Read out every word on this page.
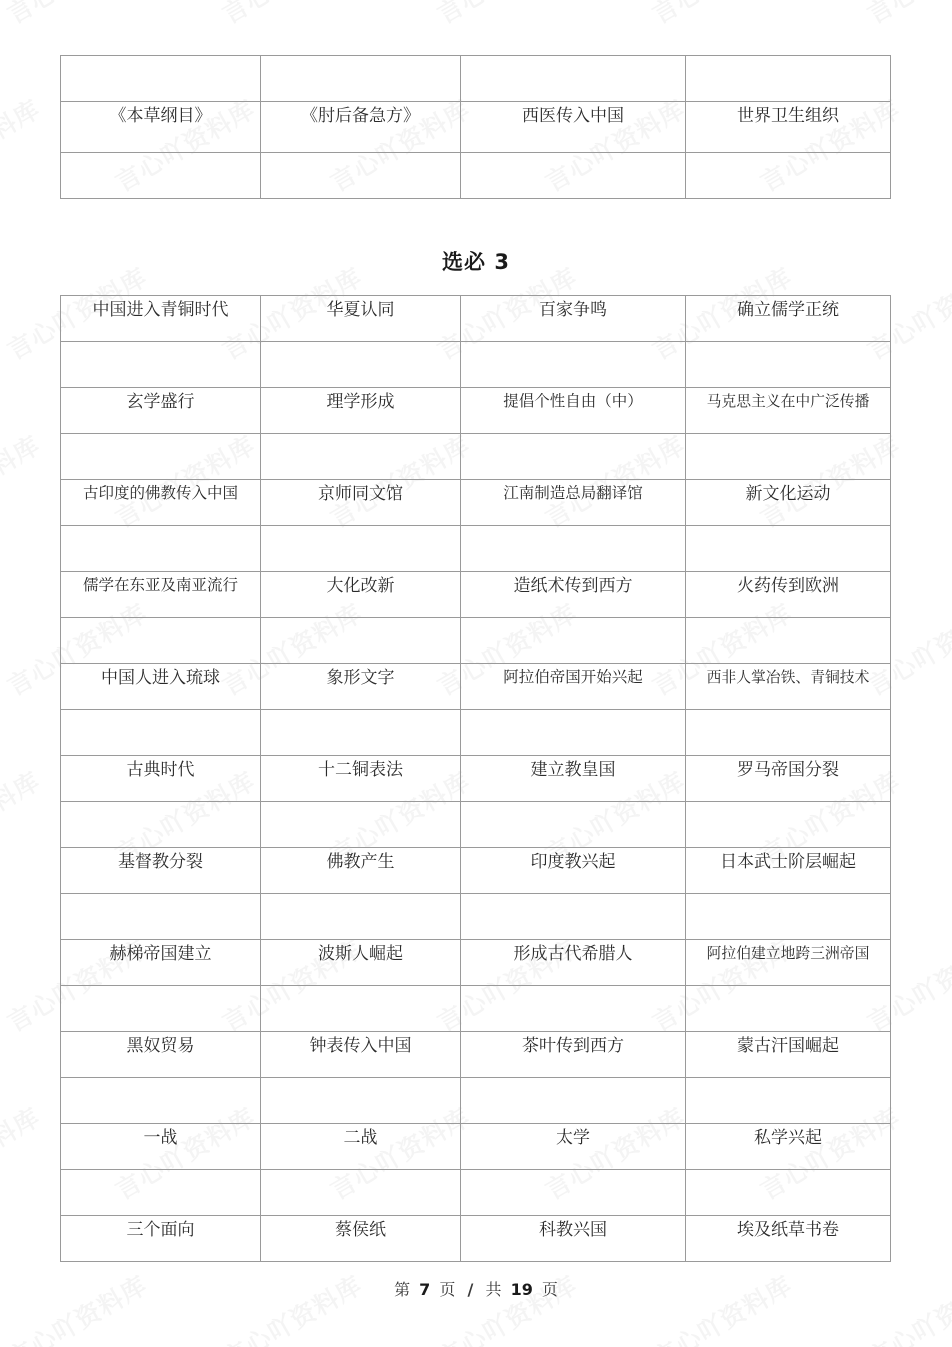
《本草纲目》	《肘后备急方》	西医传入中国	世界卫生组织

选必 3
中国进入青铜时代	华夏认同	百家争鸣	确立儒学正统

玄学盛行	理学形成	提倡个性自由（中）	马克思主义在中广泛传播

古印度的佛教传入中国	京师同文馆	江南制造总局翻译馆	新文化运动

儒学在东亚及南亚流行	大化改新	造纸术传到西方	火药传到欧洲

中国人进入琉球	象形文字	阿拉伯帝国开始兴起	西非人掌冶铁、青铜技术

古典时代	十二铜表法	建立教皇国	罗马帝国分裂

基督教分裂	佛教产生	印度教兴起	日本武士阶层崛起

赫梯帝国建立	波斯人崛起	形成古代希腊人	阿拉伯建立地跨三洲帝国

黑奴贸易	钟表传入中国	茶叶传到西方	蒙古汗国崛起

一战	二战	太学	私学兴起

三个面向	蔡侯纸	科教兴国	埃及纸草书卷
第 7 页 / 共 19 页
